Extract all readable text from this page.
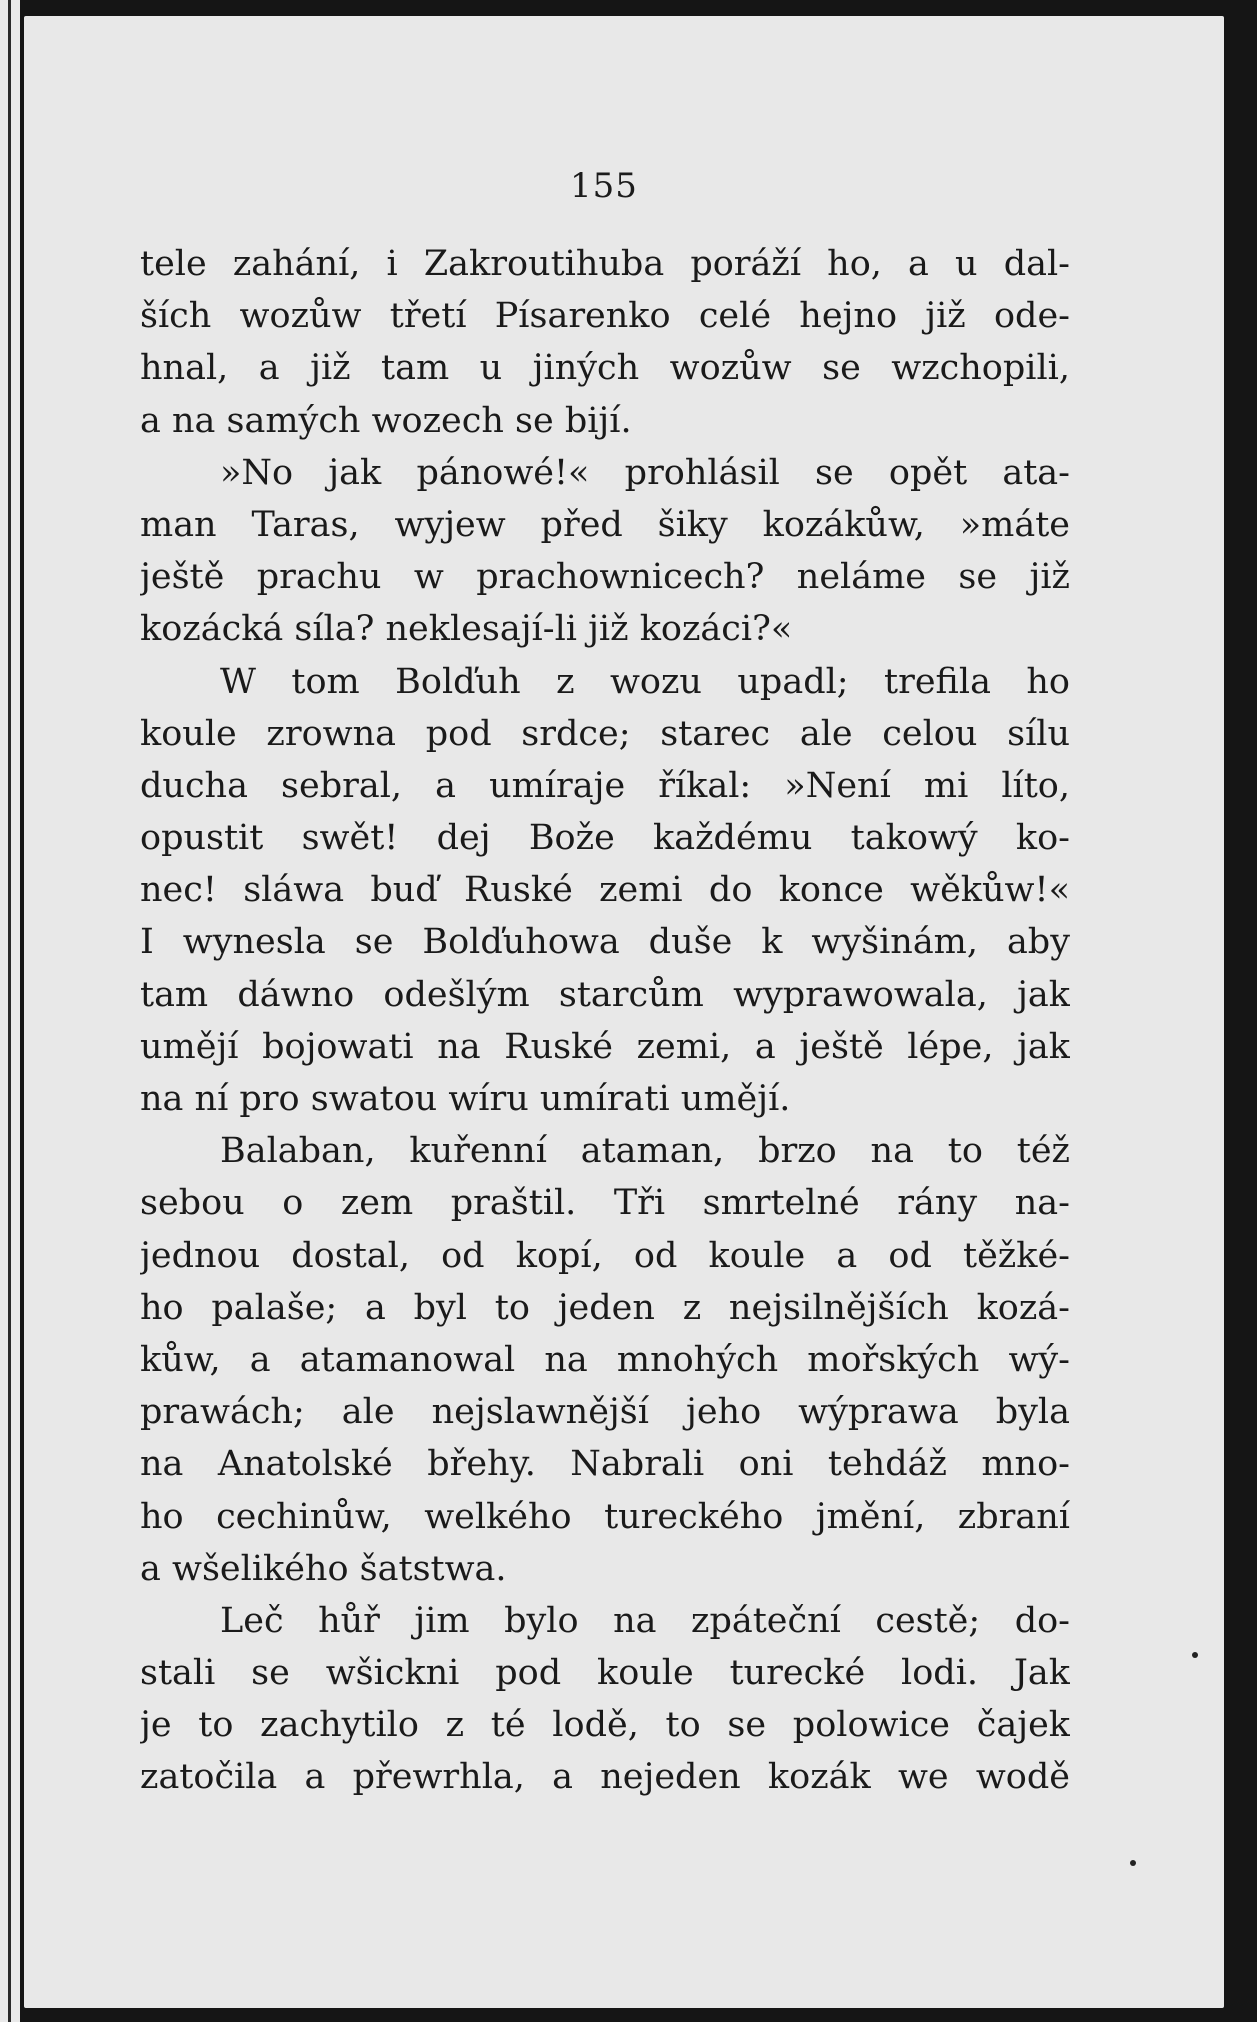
155
tele zahání, i Zakroutihuba poráží ho, a u dal-
ších wozůw třetí Písarenko celé hejno již ode-
hnal, a již tam u jiných wozůw se wzchopili,
a na samých wozech se bijí.
»No jak pánowé!« prohlásil se opět ata-
man Taras, wyjew před šiky kozákůw, »máte
ještě prachu w prachownicech? neláme se již
kozácká síla? neklesají-li již kozáci?«
W tom Bolďuh z wozu upadl; trefila ho
koule zrowna pod srdce; starec ale celou sílu
ducha sebral, a umíraje říkal: »Není mi líto,
opustit swět! dej Bože každému takowý ko-
nec! sláwa buď Ruské zemi do konce wěkůw!«
I wynesla se Bolďuhowa duše k wyšinám, aby
tam dáwno odešlým starcům wyprawowala, jak
umějí bojowati na Ruské zemi, a ještě lépe, jak
na ní pro swatou wíru umírati umějí.
Balaban, kuřenní ataman, brzo na to též
sebou o zem praštil. Tři smrtelné rány na-
jednou dostal, od kopí, od koule a od těžké-
ho palaše; a byl to jeden z nejsilnějších kozá-
kůw, a atamanowal na mnohých mořských wý-
prawách; ale nejslawnější jeho wýprawa byla
na Anatolské břehy. Nabrali oni tehdáž mno-
ho cechinůw, welkého tureckého jmění, zbraní
a wšelikého šatstwa.
Leč hůř jim bylo na zpáteční cestě; do-
stali se wšickni pod koule turecké lodi. Jak
je to zachytilo z té lodě, to se polowice čajek
zatočila a přewrhla, a nejeden kozák we wodě
